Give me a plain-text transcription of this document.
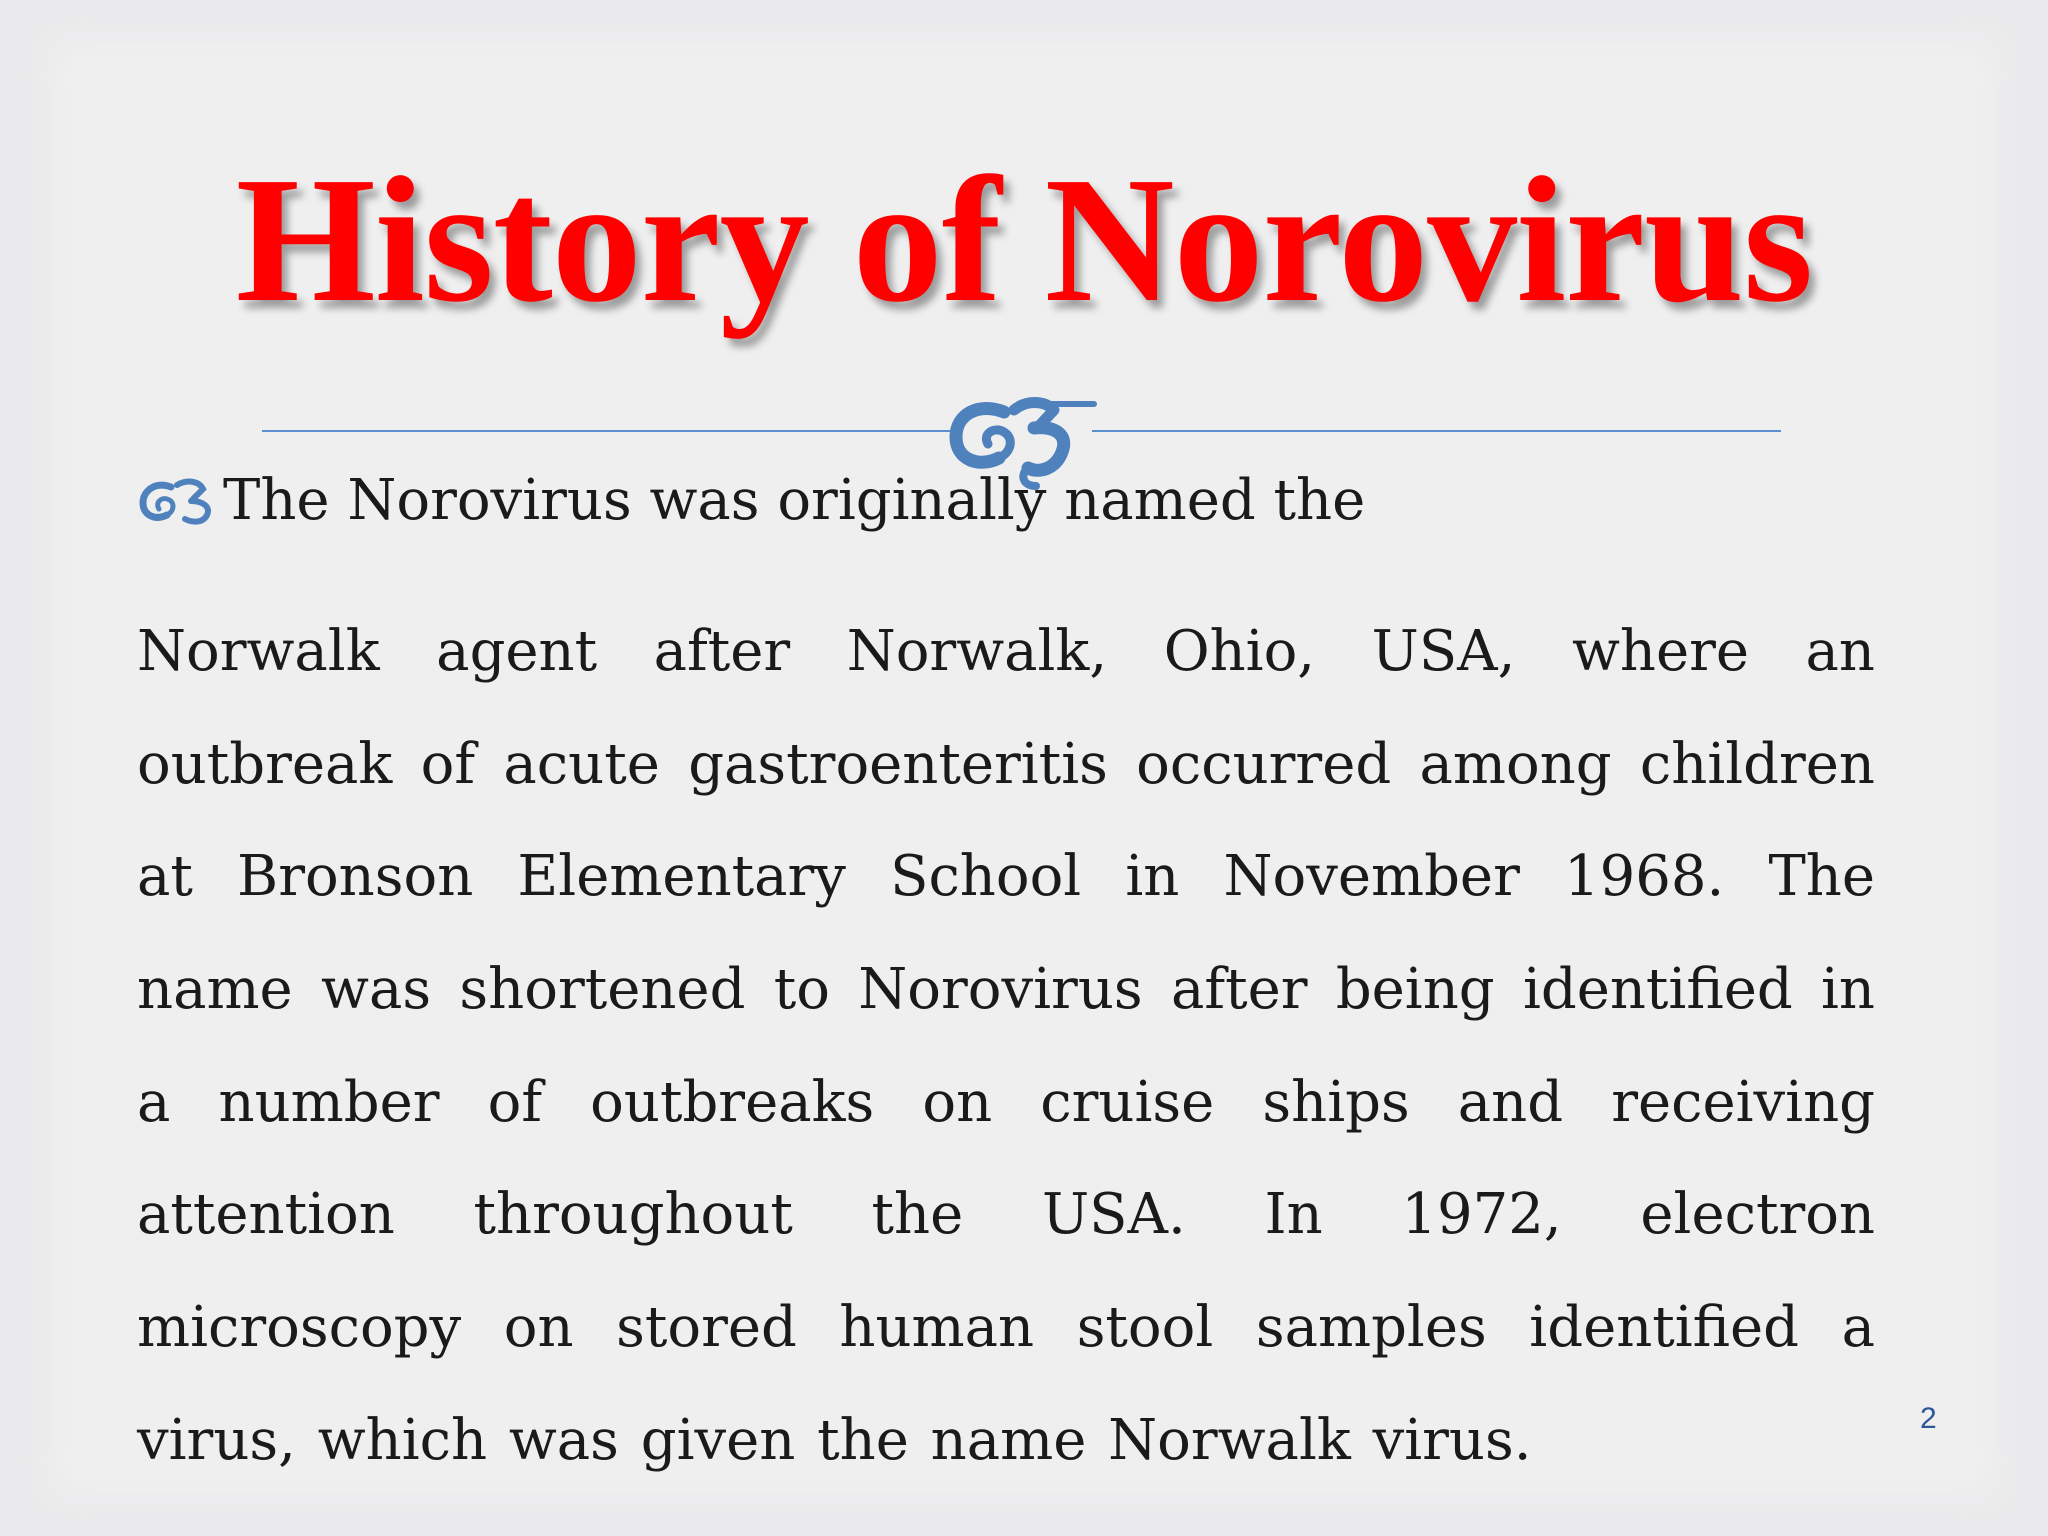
History of Norovirus
The Norovirus was originally named the
Norwalk agent after Norwalk, Ohio, USA, where an
outbreak of acute gastroenteritis occurred among children
at Bronson Elementary School in November 1968. The
name was shortened to Norovirus after being identified in
a number of outbreaks on cruise ships and receiving
attention throughout the USA. In 1972, electron
microscopy on stored human stool samples identified a
virus, which was given the name Norwalk virus.	2
